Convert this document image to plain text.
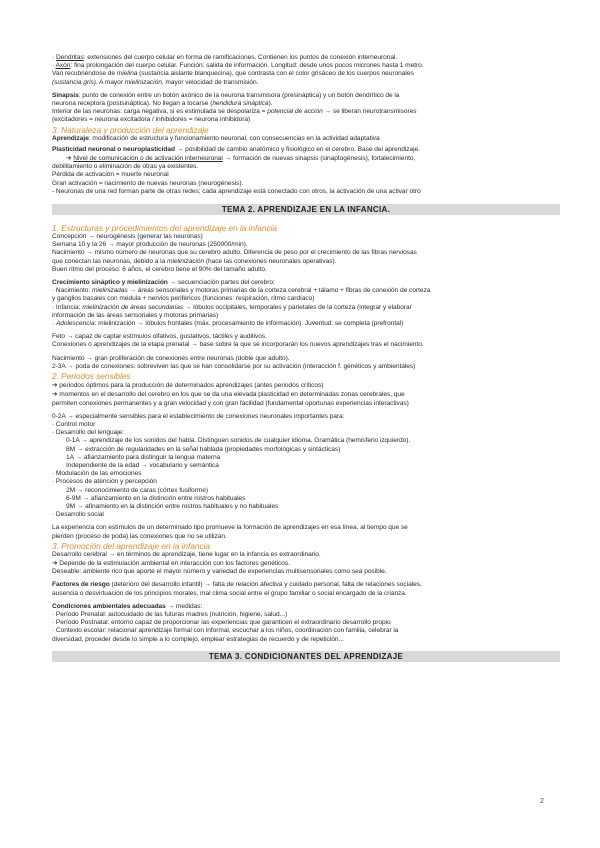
· Dendritas: extensiones del cuerpo celular en forma de ramificaciones. Contienen los puntos de conexión interneuronal.

· Axón: fina prolongación del cuerpo celular. Función: salida de información. Longitud: desde unos pocos micrones hasta 1 metro.

Van recubriéndose de mielina (sustancia aislante blanquecina), que contrasta con el color grisáceo de los cuerpos neuronales

(sustancia gris). A mayor mielinización, mayor velocidad de transmisión.

Sinapsis: punto de conexión entre un botón axónico de la neurona transmisora (presináptica) y un botón dendrítico de la

neurona receptora (postsináptica). No llegan a tocarse (hendidura sináptica).

Interior de las neuronas: carga negativa, si es estimulada se despolariza = potencial de acción → se liberan neurotransmisores

(excitadores = neurona excitadora / inhibidores = neurona inhibidora)

3. Naturaleza y producción del aprendizaje

Aprendizaje: modificación de estructura y funcionamiento neuronal, con consecuencias en la actividad adaptativa

Plasticidad neuronal o neuroplasticidad → posibilidad de cambio anatómico y fisiológico en el cerebro. Base del aprendizaje.

➔ Nivel de comunicación o de activación interneuronal → formación de nuevas sinapsis (sinaptogénesis), fortalecimiento,

debilitamiento o eliminación de otras ya existentes.

Pérdida de activación = muerte neuronal

Gran activación = nacimiento de nuevas neuronas (neurogénesis).

- Neuronas de una red forman parte de otras redes; cada aprendizaje está conectado con otros, la activación de una activar otro

TEMA 2. APRENDIZAJE EN LA INFANCIA.

1. Estructuras y procedimientos del aprendizaje en la infancia

Concepción → neurogénesis (generar las neuronas)

Semana 10 y la 26 → mayor producción de neuronas (250000/min).

Nacimiento → mismo número de neuronas que su cerebro adulto. Diferencia de peso por el crecimiento de las fibras nerviosas

que conectan las neuronas, debido a la mielinización (hace las conexiones neuronales operativas).

Buen ritmo del proceso: 6 años, el cerebro tiene el 90% del tamaño adulto.

Crecimiento sináptico y mielinización → secuenciación partes del cerebro:

· Nacimiento: mielinizadas → áreas sensoriales y motoras primarias de la corteza cerebral + tálamo + fibras de conexión de corteza

y ganglios basales con médula + nervios periféricos (funciones: respiración, ritmo cardíaco)

· Infancia: mielinización de áreas secundarias → lóbulos occipitales, temporales y parietales de la corteza (integrar y elaborar

información de las áreas sensoriales y motoras primarias)

· Adolescencia: mielinización → lóbulos frontales (máx. procesamiento de información). Juventud: se completa (prefrontal)

Feto → capaz de captar estímulos olfativos, gustativos, táctiles y auditivos.

Conexiones o aprendizajes de la etapa prenatal → base sobre la que se incorporarán los nuevos aprendizajes tras el nacimiento.

Nacimiento → gran proliferación de conexiones entre neuronas (doble que adulto).

2-3A → poda de conexiones: sobreviven las que se han consolidarse por su activación (interacción f. genéticos y ambientales)

2. Periodos sensibles

➔ periodos óptimos para la producción de determinados aprendizajes (antes periodos críticos)

➔ momentos en el desarrollo del cerebro en los que se da una elevada plasticidad en determinadas zonas cerebrales, que

permiten conexiones permanentes y a gran velocidad y con gran facilidad (fundamental oportunas experiencias interactivas)

0-2A → especialmente sensibles para el establecimiento de conexiones neuronales importantes para:

· Control motor

· Desarrollo del lenguaje:

0-1A → aprendizaje de los sonidos del habla. Distinguen sonidos de cualquier idioma. Gramática (hemisferio izquierdo).

8M → extracción de regularidades en la señal hablada (propiedades morfológicas y sintácticas)

1A → afianzamiento para distinguir la lengua materna

Independiente de la edad → vocabulario y semántica

· Modulación de las emociones

· Procesos de atención y percepción

2M → reconocimiento de caras (córtex fusiforme)

6-9M → afianzamiento en la distinción entre rostros habituales

9M → afinamiento en la distinción entre rostros habituales y no habituales

· Desarrollo social

La experiencia con estímulos de un determinado tipo promueve la formación de aprendizajes en esa línea, al tiempo que se

pierden (proceso de poda) las conexiones que no se utilizan.

3. Promoción del aprendizaje en la infancia

Desarrollo cerebral → en términos de aprendizaje, tiene lugar en la infancia es extraordinario.

➔ Depende de la estimulación ambiental en interacción con los factores genéticos.

Deseable: ambiente rico que aporte el mayor número y variedad de experiencias multisensoriales como sea posible.

Factores de riesgo (deterioro del desarrollo infantil) → falta de relación afectiva y cuidado personal, falta de relaciones sociales,

ausencia o desvirtuación de los principios morales, mal clima social entre el grupo familiar o social encargado de la crianza.

Condiciones ambientales adecuadas → medidas:

· Período Prenatal: autocuidado de las futuras madres (nutrición, higiene, salud...)

· Período Postnatal: entorno capaz de proporcionar las experiencias que garanticen el extraordinario desarrollo propio

· Contexto escolar: relacionar aprendizaje formal con informal, escuchar a los niños, coordinación con familia, celebrar la

diversidad, proceder desde lo simple a lo complejo, emplear estrategias de recuerdo y de repetición...

TEMA 3. CONDICIONANTES DEL APRENDIZAJE
2
